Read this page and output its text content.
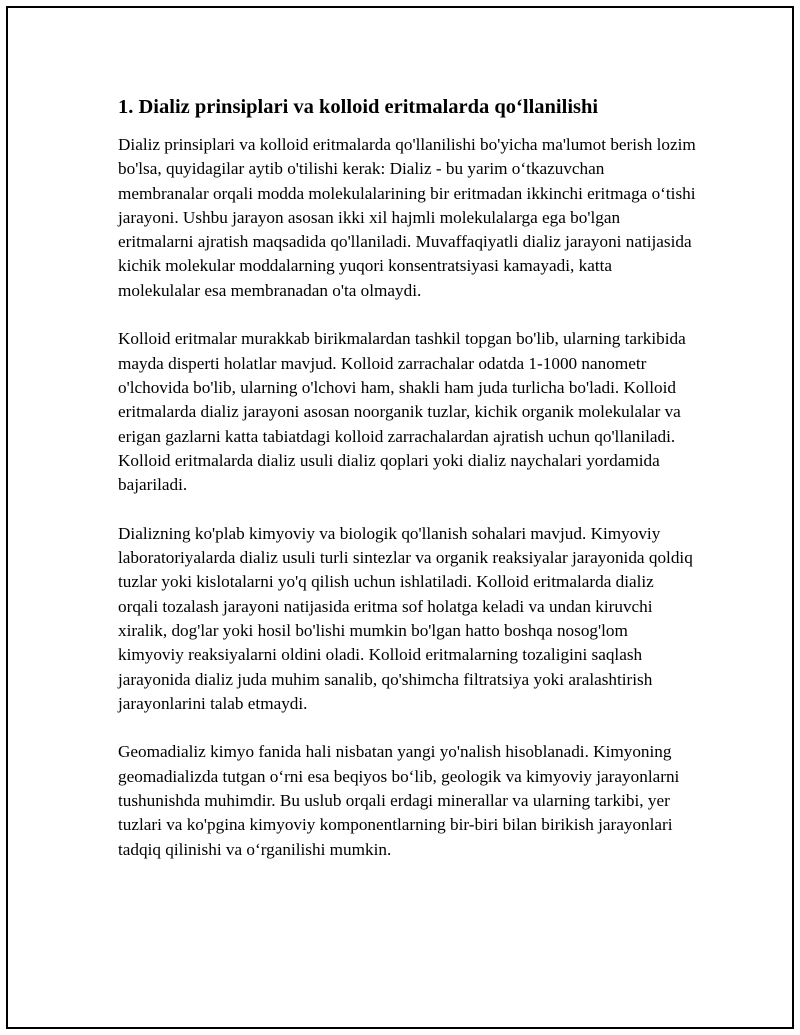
1. Dializ prinsiplari va kolloid eritmalarda qo‘llanilishi

Dializ prinsiplari va kolloid eritmalarda qo'llanilishi bo'yicha ma'lumot berish lozim bo'lsa, quyidagilar aytib o'tilishi kerak: Dializ - bu yarim o‘tkazuvchan membranalar orqali modda molekulalarining bir eritmadan ikkinchi eritmaga o‘tishi jarayoni. Ushbu jarayon asosan ikki xil hajmli molekulalarga ega bo'lgan eritmalarni ajratish maqsadida qo'llaniladi. Muvaffaqiyatli dializ jarayoni natijasida kichik molekular moddalarning yuqori konsentratsiyasi kamayadi, katta molekulalar esa membranadan o'ta olmaydi.

Kolloid eritmalar murakkab birikmalardan tashkil topgan bo'lib, ularning tarkibida mayda disperti holatlar mavjud. Kolloid zarrachalar odatda 1-1000 nanometr o'lchovida bo'lib, ularning o'lchovi ham, shakli ham juda turlicha bo'ladi. Kolloid eritmalarda dializ jarayoni asosan noorganik tuzlar, kichik organik molekulalar va erigan gazlarni katta tabiatdagi kolloid zarrachalardan ajratish uchun qo'llaniladi. Kolloid eritmalarda dializ usuli dializ qoplari yoki dializ naychalari yordamida bajariladi.

Dializning ko'plab kimyoviy va biologik qo'llanish sohalari mavjud. Kimyoviy laboratoriyalarda dializ usuli turli sintezlar va organik reaksiyalar jarayonida qoldiq tuzlar yoki kislotalarni yo'q qilish uchun ishlatiladi. Kolloid eritmalarda dializ orqali tozalash jarayoni natijasida eritma sof holatga keladi va undan kiruvchi xiralik, dog'lar yoki hosil bo'lishi mumkin bo'lgan hatto boshqa nosog'lom kimyoviy reaksiyalarni oldini oladi. Kolloid eritmalarning tozaligini saqlash jarayonida dializ juda muhim sanalib, qo'shimcha filtratsiya yoki aralashtirish jarayonlarini talab etmaydi.

Geomadializ kimyo fanida hali nisbatan yangi yo'nalish hisoblanadi. Kimyoning geomadializda tutgan o‘rni esa beqiyos bo‘lib, geologik va kimyoviy jarayonlarni tushunishda muhimdir. Bu uslub orqali erdagi minerallar va ularning tarkibi, yer tuzlari va ko'pgina kimyoviy komponentlarning bir-biri bilan birikish jarayonlari tadqiq qilinishi va o‘rganilishi mumkin.
